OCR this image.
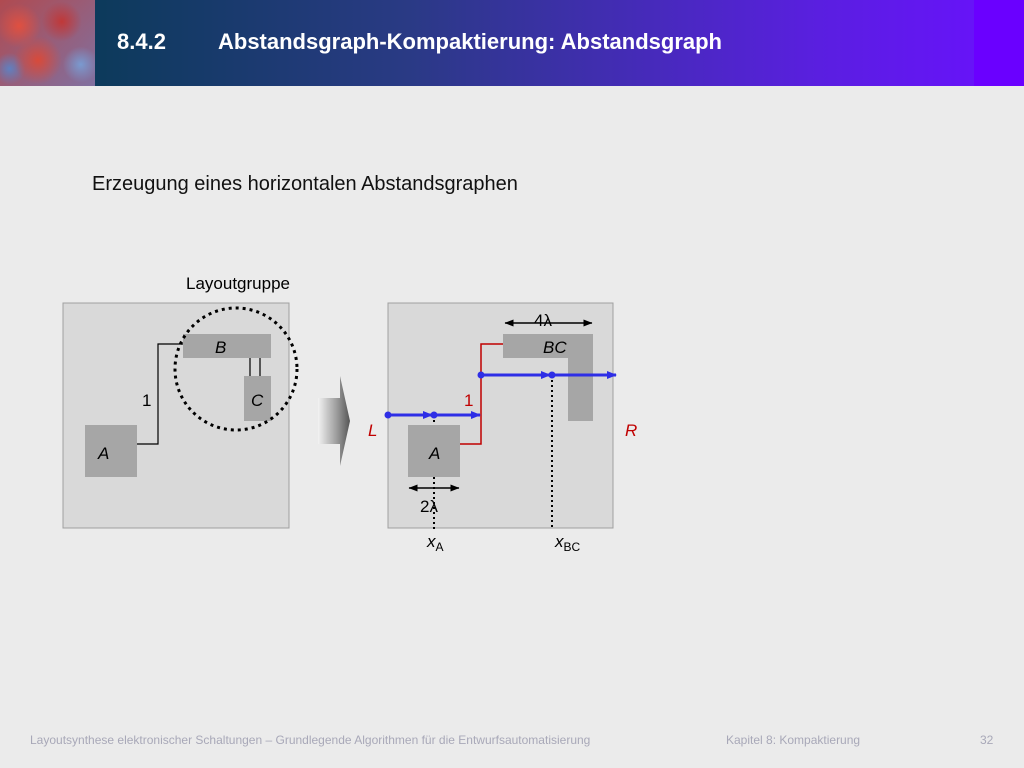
8.4.2 Abstandsgraph-Kompaktierung: Abstandsgraph
Erzeugung eines horizontalen Abstandsgraphen
Layoutgruppe
B
C
A
1
BC
A
1
L	R
4λ
2λ
$x_A$	$x_{BC}$
Layoutsynthese elektronischer Schaltungen – Grundlegende Algorithmen für die Entwurfsautomatisierung	Kapitel 8: Kompaktierung	32
